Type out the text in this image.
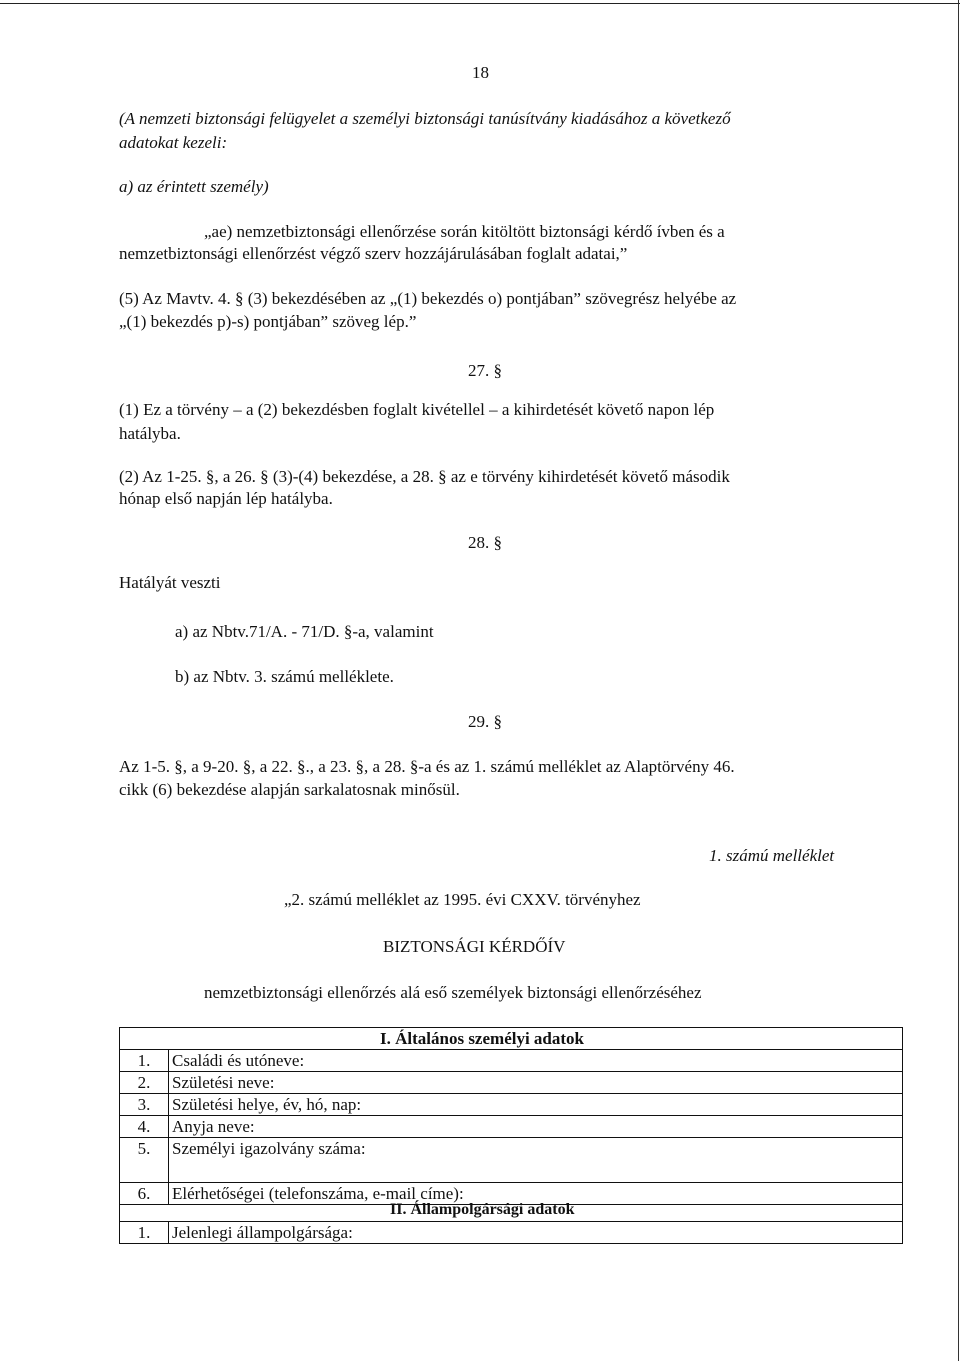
18
(A nemzeti biztonsági felügyelet a személyi biztonsági tanúsítvány kiadásához a következő
adatokat kezeli:
a) az érintett személy)
„ae) nemzetbiztonsági ellenőrzése során kitöltött biztonsági kérdő ívben és a
nemzetbiztonsági ellenőrzést végző szerv hozzájárulásában foglalt adatai,”
(5) Az Mavtv. 4. § (3) bekezdésében az „(1) bekezdés o) pontjában” szövegrész helyébe az
„(1) bekezdés p)-s) pontjában” szöveg lép.”
27. §
(1) Ez a törvény – a (2) bekezdésben foglalt kivétellel – a kihirdetését követő napon lép
hatályba.
(2) Az 1-25. §, a 26. § (3)-(4) bekezdése, a 28. § az e törvény kihirdetését követő második
hónap első napján lép hatályba.
28. §
Hatályát veszti
a) az Nbtv.71/A. - 71/D. §-a, valamint
b) az Nbtv. 3. számú melléklete.
29. §
Az 1-5. §, a 9-20. §, a 22. §., a 23. §, a 28. §-a és az 1. számú melléklet az Alaptörvény 46.
cikk (6) bekezdése alapján sarkalatosnak minősül.
1. számú melléklet
„2. számú melléklet az 1995. évi CXXV. törvényhez
BIZTONSÁGI KÉRDŐÍV
nemzetbiztonsági ellenőrzés alá eső személyek biztonsági ellenőrzéséhez
I. Általános személyi adatok
1.	Családi és utóneve:
2.	Születési neve:
3.	Születési helye, év, hó, nap:
4.	Anyja neve:
5.	Személyi igazolvány száma:
6.	Elérhetőségei (telefonszáma, e-mail címe):
II. Állampolgársági adatok
1.	Jelenlegi állampolgársága:
